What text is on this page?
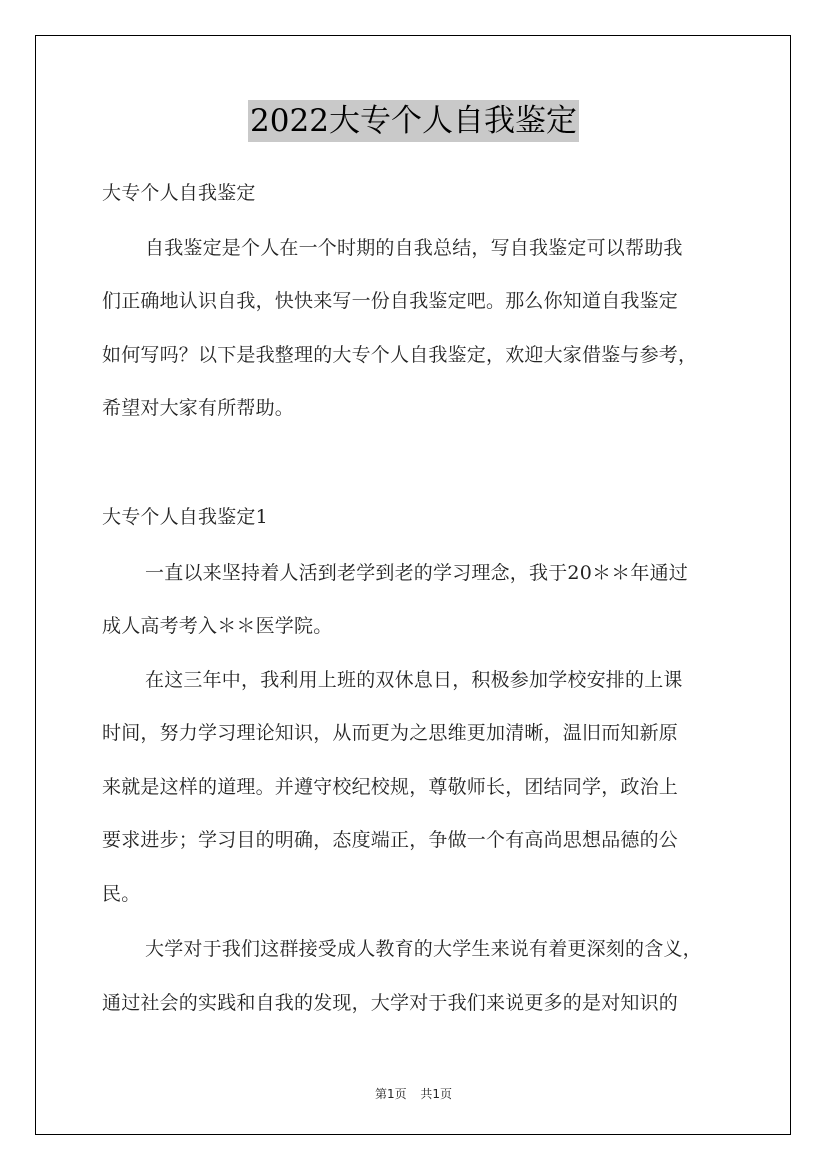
2022大专个人自我鉴定
大专个人自我鉴定
自我鉴定是个人在一个时期的自我总结，写自我鉴定可以帮助我
们正确地认识自我，快快来写一份自我鉴定吧。那么你知道自我鉴定
如何写吗？以下是我整理的大专个人自我鉴定，欢迎大家借鉴与参考，
希望对大家有所帮助。
大专个人自我鉴定1
一直以来坚持着人活到老学到老的学习理念，我于20＊＊年通过
成人高考考入＊＊医学院。
在这三年中，我利用上班的双休息日，积极参加学校安排的上课
时间，努力学习理论知识，从而更为之思维更加清晰，温旧而知新原
来就是这样的道理。并遵守校纪校规，尊敬师长，团结同学，政治上
要求进步；学习目的明确，态度端正，争做一个有高尚思想品德的公
民。
大学对于我们这群接受成人教育的大学生来说有着更深刻的含义，
通过社会的实践和自我的发现，大学对于我们来说更多的是对知识的
第1页 共1页
